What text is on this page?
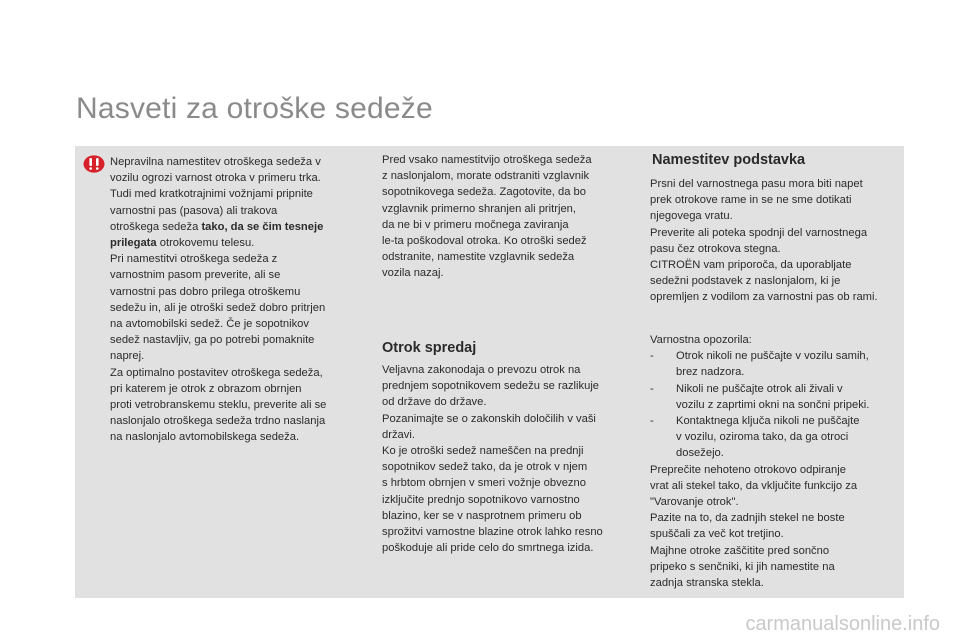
Nasveti za otroške sedeže

Nepravilna namestitev otroškega sedeža v
vozilu ogrozi varnost otroka v primeru trka.
Tudi med kratkotrajnimi vožnjami pripnite
varnostni pas (pasova) ali trakova
otroškega sedeža tako, da se čim tesneje
prilegata otrokovemu telesu.
Pri namestitvi otroškega sedeža z
varnostnim pasom preverite, ali se
varnostni pas dobro prilega otroškemu
sedežu in, ali je otroški sedež dobro pritrjen
na avtomobilski sedež. Če je sopotnikov
sedež nastavljiv, ga po potrebi pomaknite
naprej.
Za optimalno postavitev otroškega sedeža,
pri katerem je otrok z obrazom obrnjen
proti vetrobranskemu steklu, preverite ali se
naslonjalo otroškega sedeža trdno naslanja
na naslonjalo avtomobilskega sedeža.

Pred vsako namestitvijo otroškega sedeža
z naslonjalom, morate odstraniti vzglavnik
sopotnikovega sedeža. Zagotovite, da bo
vzglavnik primerno shranjen ali pritrjen,
da ne bi v primeru močnega zaviranja
le-ta poškodoval otroka. Ko otroški sedež
odstranite, namestite vzglavnik sedeža
vozila nazaj.

Otrok spredaj

Veljavna zakonodaja o prevozu otrok na
prednjem sopotnikovem sedežu se razlikuje
od države do države.
Pozanimajte se o zakonskih določilih v vaši
državi.
Ko je otroški sedež nameščen na prednji
sopotnikov sedež tako, da je otrok v njem
s hrbtom obrnjen v smeri vožnje obvezno
izključite prednjo sopotnikovo varnostno
blazino, ker se v nasprotnem primeru ob
sprožitvi varnostne blazine otrok lahko resno
poškoduje ali pride celo do smrtnega izida.

Namestitev podstavka

Prsni del varnostnega pasu mora biti napet
prek otrokove rame in se ne sme dotikati
njegovega vratu.
Preverite ali poteka spodnji del varnostnega
pasu čez otrokova stegna.
CITROËN vam priporoča, da uporabljate
sedežni podstavek z naslonjalom, ki je
opremljen z vodilom za varnostni pas ob rami.

Varnostna opozorila:

- Otrok nikoli ne puščajte v vozilu samih,
brez nadzora.

- Nikoli ne puščajte otrok ali živali v
vozilu z zaprtimi okni na sončni pripeki.

- Kontaktnega ključa nikoli ne puščajte
v vozilu, oziroma tako, da ga otroci
dosežejo.

Preprečite nehoteno otrokovo odpiranje
vrat ali stekel tako, da vključite funkcijo za
"Varovanje otrok".
Pazite na to, da zadnjih stekel ne boste
spuščali za več kot tretjino.
Majhne otroke zaščitite pred sončno
pripeko s senčniki, ki jih namestite na
zadnja stranska stekla.

carmanualsonline.info
